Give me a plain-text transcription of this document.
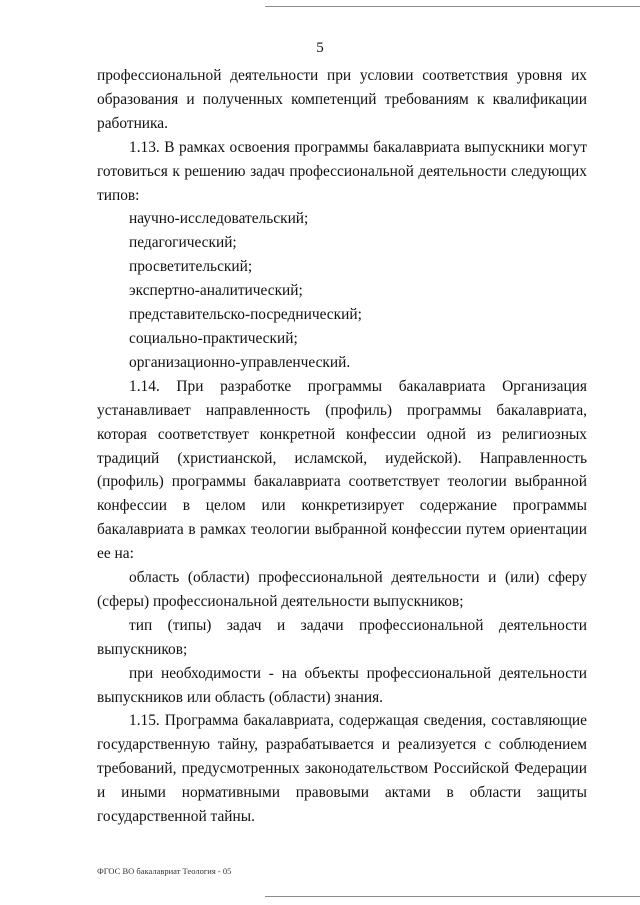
5
профессиональной деятельности при условии соответствия уровня их
образования и полученных компетенций требованиям к квалификации
работника.
1.13. В рамках освоения программы бакалавриата выпускники могут
готовиться к решению задач профессиональной деятельности следующих
типов:
научно-исследовательский;
педагогический;
просветительский;
экспертно-аналитический;
представительско-посреднический;
социально-практический;
организационно-управленческий.
1.14. При разработке программы бакалавриата Организация
устанавливает направленность (профиль) программы бакалавриата,
которая соответствует конкретной конфессии одной из религиозных
традиций (христианской, исламской, иудейской). Направленность
(профиль) программы бакалавриата соответствует теологии выбранной
конфессии в целом или конкретизирует содержание программы
бакалавриата в рамках теологии выбранной конфессии путем ориентации
ее на:
область (области) профессиональной деятельности и (или) сферу
(сферы) профессиональной деятельности выпускников;
тип (типы) задач и задачи профессиональной деятельности
выпускников;
при необходимости - на объекты профессиональной деятельности
выпускников или область (области) знания.
1.15. Программа бакалавриата, содержащая сведения, составляющие
государственную тайну, разрабатывается и реализуется с соблюдением
требований, предусмотренных законодательством Российской Федерации
и иными нормативными правовыми актами в области защиты
государственной тайны.
ФГОС ВО бакалавриат Теология - 05
